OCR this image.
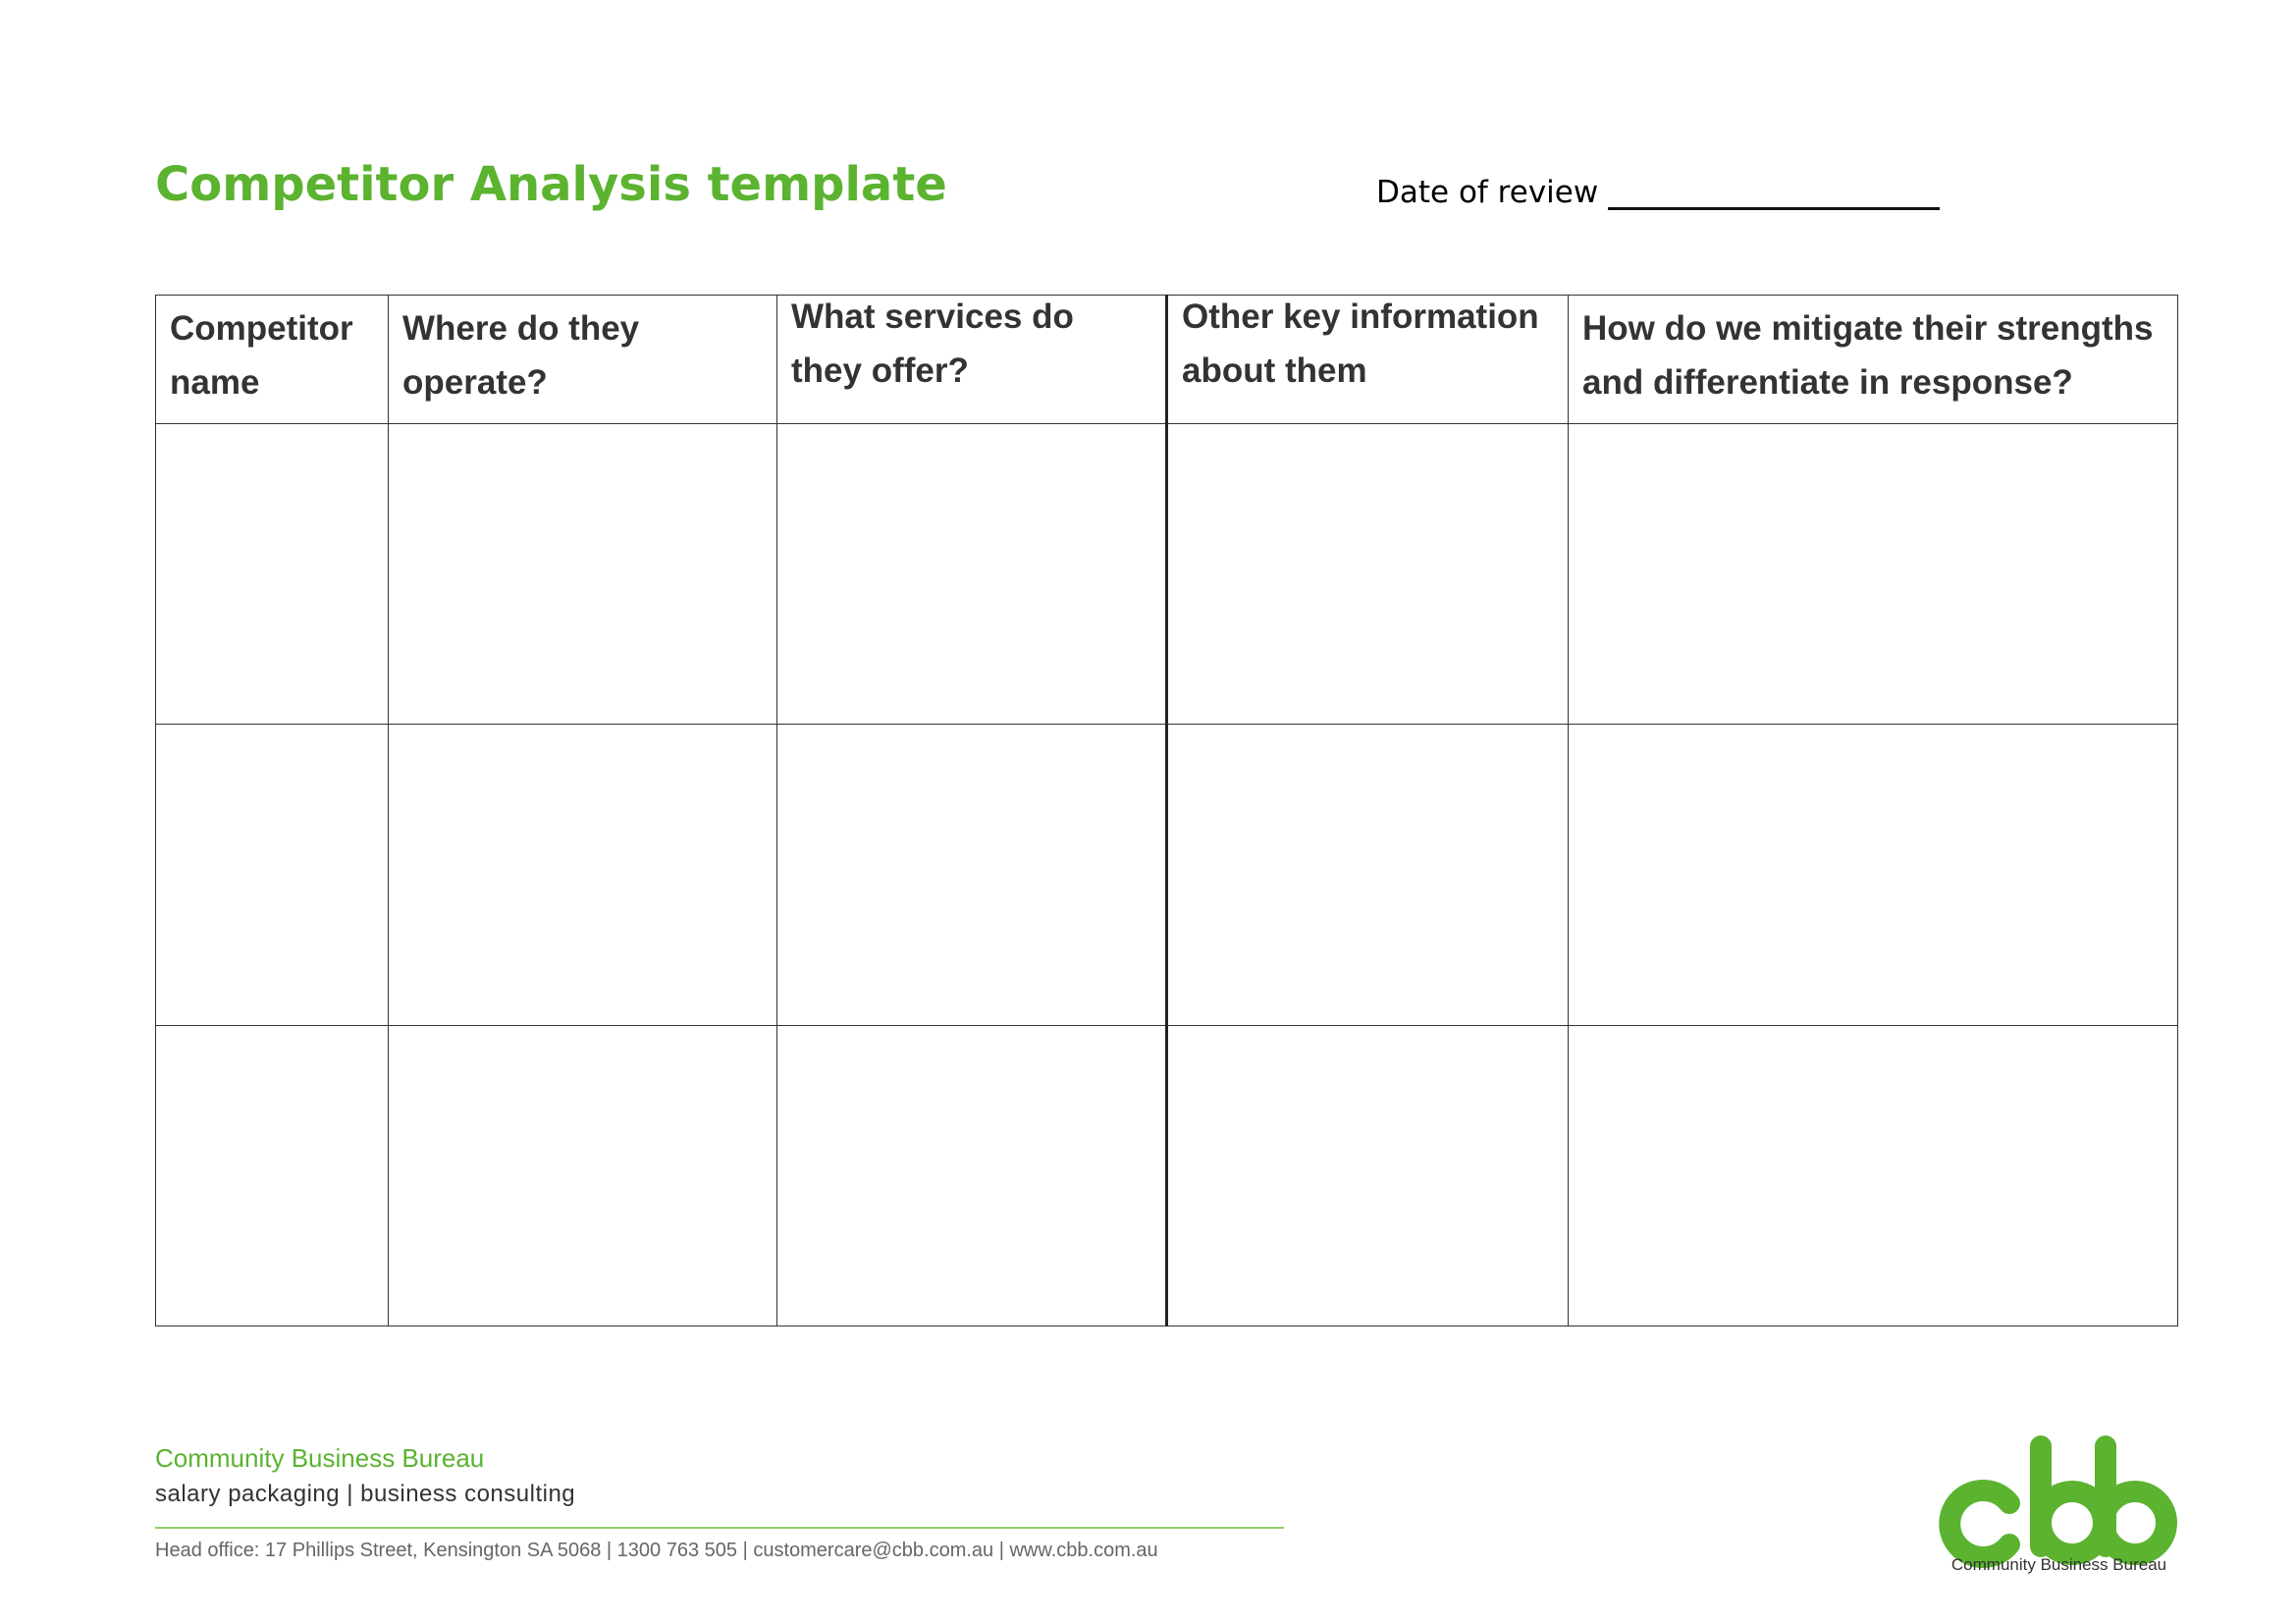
Competitor Analysis template	Date of review
Competitor name	Where do they operate?	What services do they offer?	Other key information about them	How do we mitigate their strengths and differentiate in response?

Community Business Bureau
salary packaging | business consulting
Head office: 17 Phillips Street, Kensington SA 5068 | 1300 763 505 | customercare@cbb.com.au | www.cbb.com.au
Community Business Bureau
